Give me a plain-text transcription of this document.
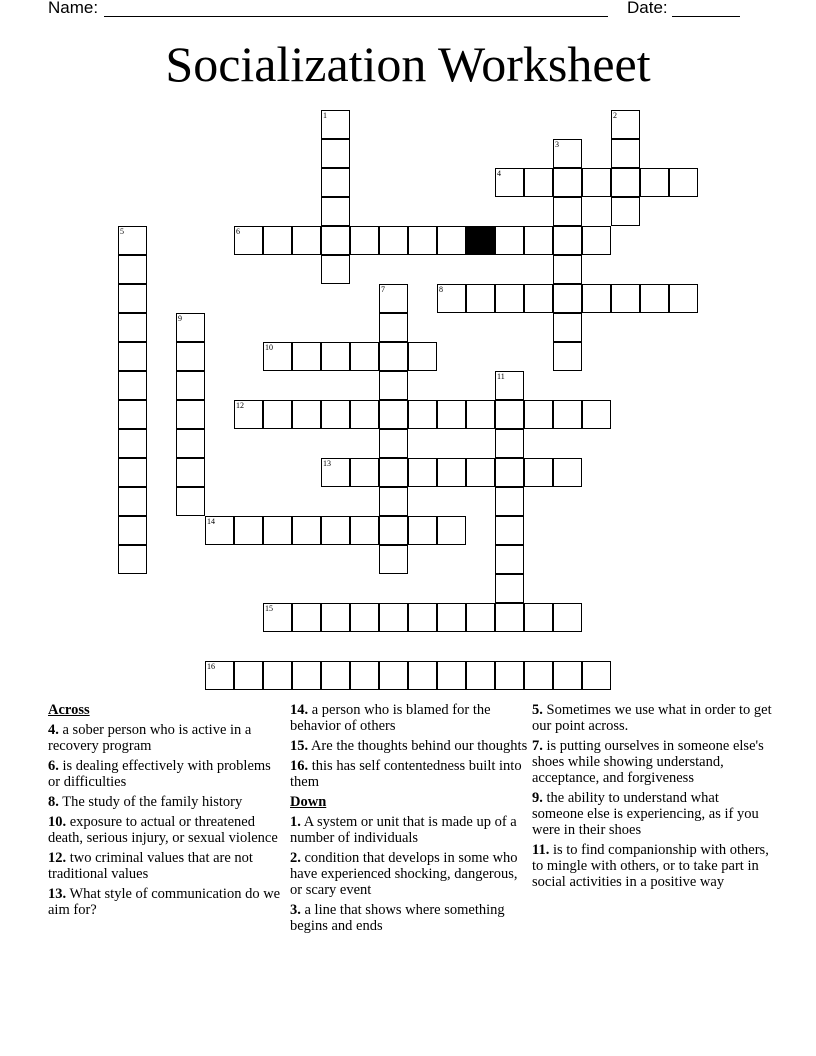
Name:	Date:
Socialization Worksheet
1	2
3
4
5	6
7	8
9
10
11
12
13
14
15
16
Across
4. a sober person who is active in a recovery program
6. is dealing effectively with problems or difficulties
8. The study of the family history
10. exposure to actual or threatened death, serious injury, or sexual violence
12. two criminal values that are not traditional values
13. What style of communication do we aim for?
14. a person who is blamed for the behavior of others
15. Are the thoughts behind our thoughts
16. this has self contentedness built into them
Down
1. A system or unit that is made up of a number of individuals
2. condition that develops in some who have experienced shocking, dangerous, or scary event
3. a line that shows where something begins and ends
5. Sometimes we use what in order to get our point across.
7. is putting ourselves in someone else's shoes while showing understand, acceptance, and forgiveness
9. the ability to understand what someone else is experiencing, as if you were in their shoes
11. is to find companionship with others, to mingle with others, or to take part in social activities in a positive way
